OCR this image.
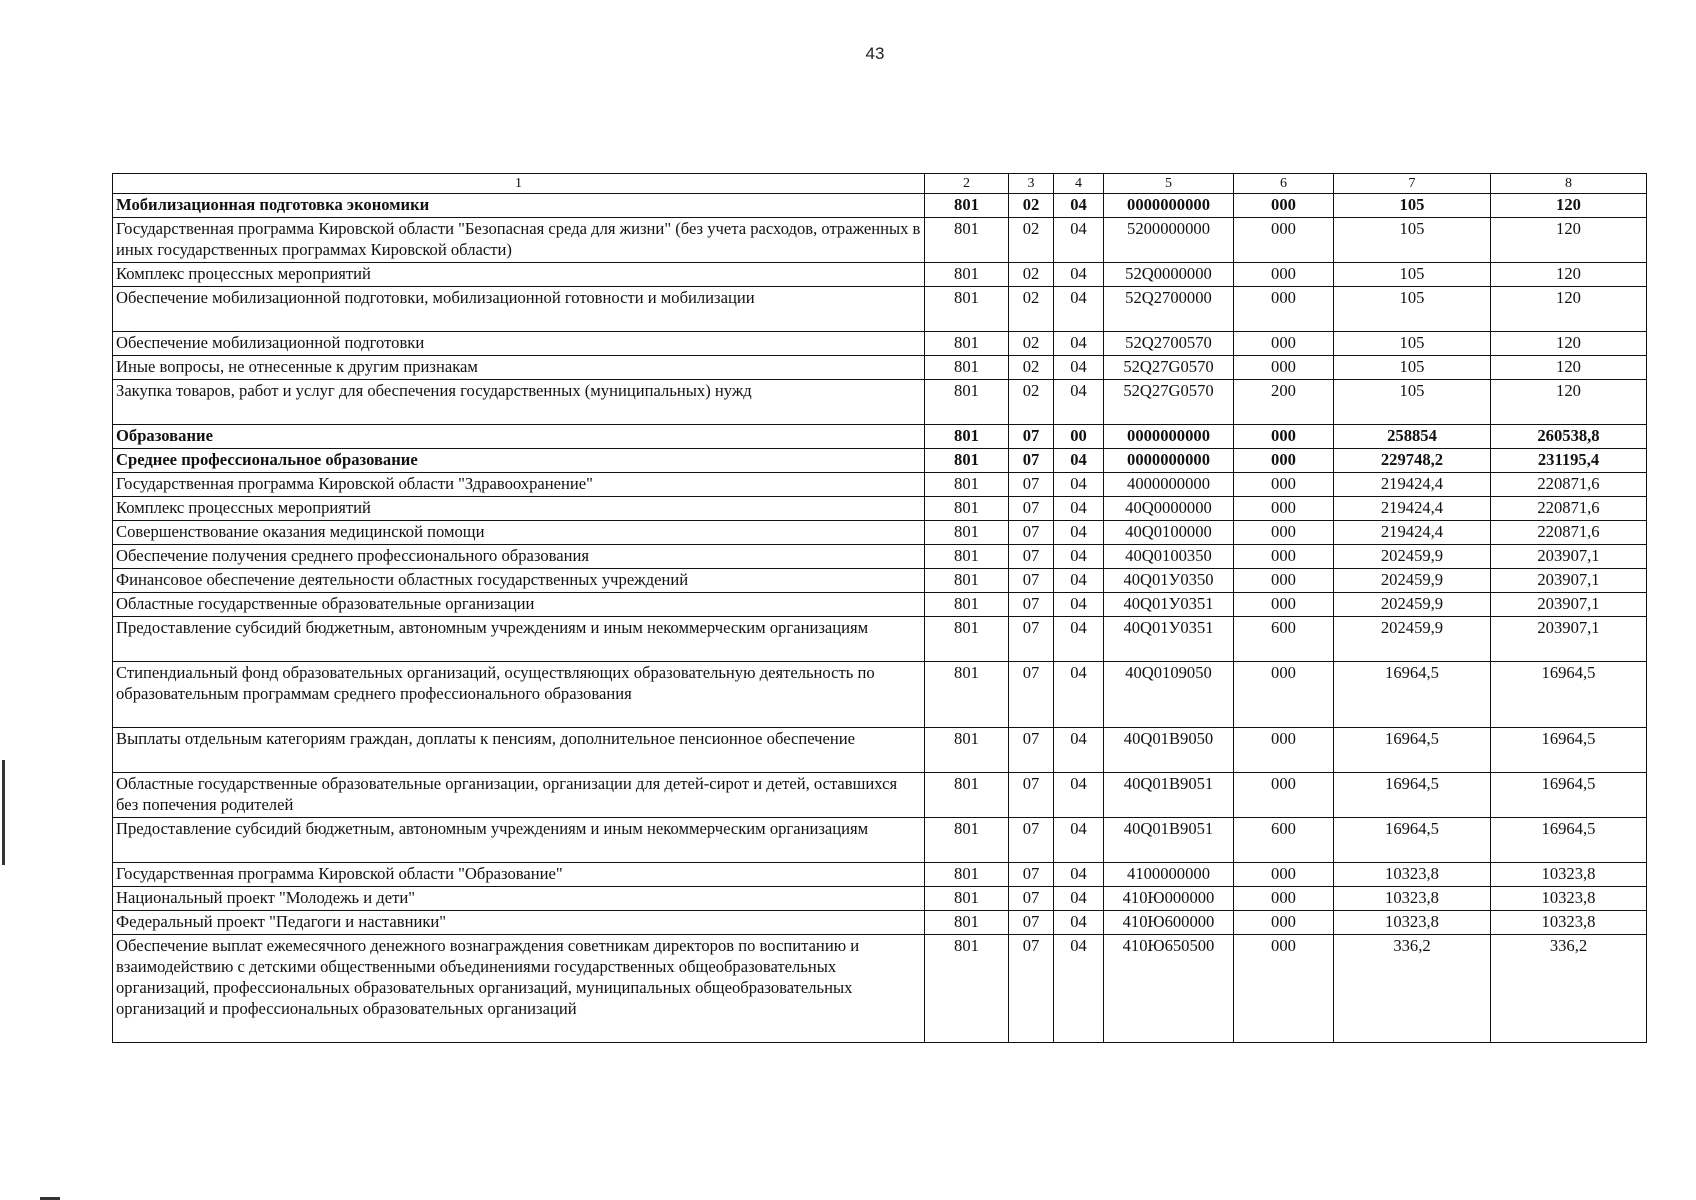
43
1	2	3	4	5	6	7	8
Мобилизационная подготовка экономики	801	02	04	0000000000	000	105	120
Государственная программа Кировской области "Безопасная среда для жизни" (без учета расходов, отраженных в иных государственных программах Кировской области)	801	02	04	5200000000	000	105	120
Комплекс процессных мероприятий	801	02	04	52Q0000000	000	105	120
Обеспечение мобилизационной подготовки, мобилизационной готовности и мобилизации	801	02	04	52Q2700000	000	105	120
Обеспечение мобилизационной подготовки	801	02	04	52Q2700570	000	105	120
Иные вопросы, не отнесенные к другим признакам	801	02	04	52Q27G0570	000	105	120
Закупка товаров, работ и услуг для обеспечения государственных (муниципальных) нужд	801	02	04	52Q27G0570	200	105	120
Образование	801	07	00	0000000000	000	258854	260538,8
Среднее профессиональное образование	801	07	04	0000000000	000	229748,2	231195,4
Государственная программа Кировской области "Здравоохранение"	801	07	04	4000000000	000	219424,4	220871,6
Комплекс процессных мероприятий	801	07	04	40Q0000000	000	219424,4	220871,6
Совершенствование оказания медицинской помощи	801	07	04	40Q0100000	000	219424,4	220871,6
Обеспечение получения среднего профессионального образования	801	07	04	40Q0100350	000	202459,9	203907,1
Финансовое обеспечение деятельности областных государственных учреждений	801	07	04	40Q01У0350	000	202459,9	203907,1
Областные государственные образовательные организации	801	07	04	40Q01У0351	000	202459,9	203907,1
Предоставление субсидий бюджетным, автономным учреждениям и иным некоммерческим организациям	801	07	04	40Q01У0351	600	202459,9	203907,1
Стипендиальный фонд образовательных организаций, осуществляющих образовательную деятельность по образовательным программам среднего профессионального образования	801	07	04	40Q0109050	000	16964,5	16964,5
Выплаты отдельным категориям граждан, доплаты к пенсиям, дополнительное пенсионное обеспечение	801	07	04	40Q01B9050	000	16964,5	16964,5
Областные государственные образовательные организации, организации для детей-сирот и детей, оставшихся без попечения родителей	801	07	04	40Q01B9051	000	16964,5	16964,5
Предоставление субсидий бюджетным, автономным учреждениям и иным некоммерческим организациям	801	07	04	40Q01B9051	600	16964,5	16964,5
Государственная программа Кировской области "Образование"	801	07	04	4100000000	000	10323,8	10323,8
Национальный проект "Молодежь и дети"	801	07	04	410Ю000000	000	10323,8	10323,8
Федеральный проект "Педагоги и наставники"	801	07	04	410Ю600000	000	10323,8	10323,8
Обеспечение выплат ежемесячного денежного вознаграждения советникам директоров по воспитанию и взаимодействию с детскими общественными объединениями государственных общеобразовательных организаций, профессиональных образовательных организаций, муниципальных общеобразовательных организаций и профессиональных образовательных организаций	801	07	04	410Ю650500	000	336,2	336,2
